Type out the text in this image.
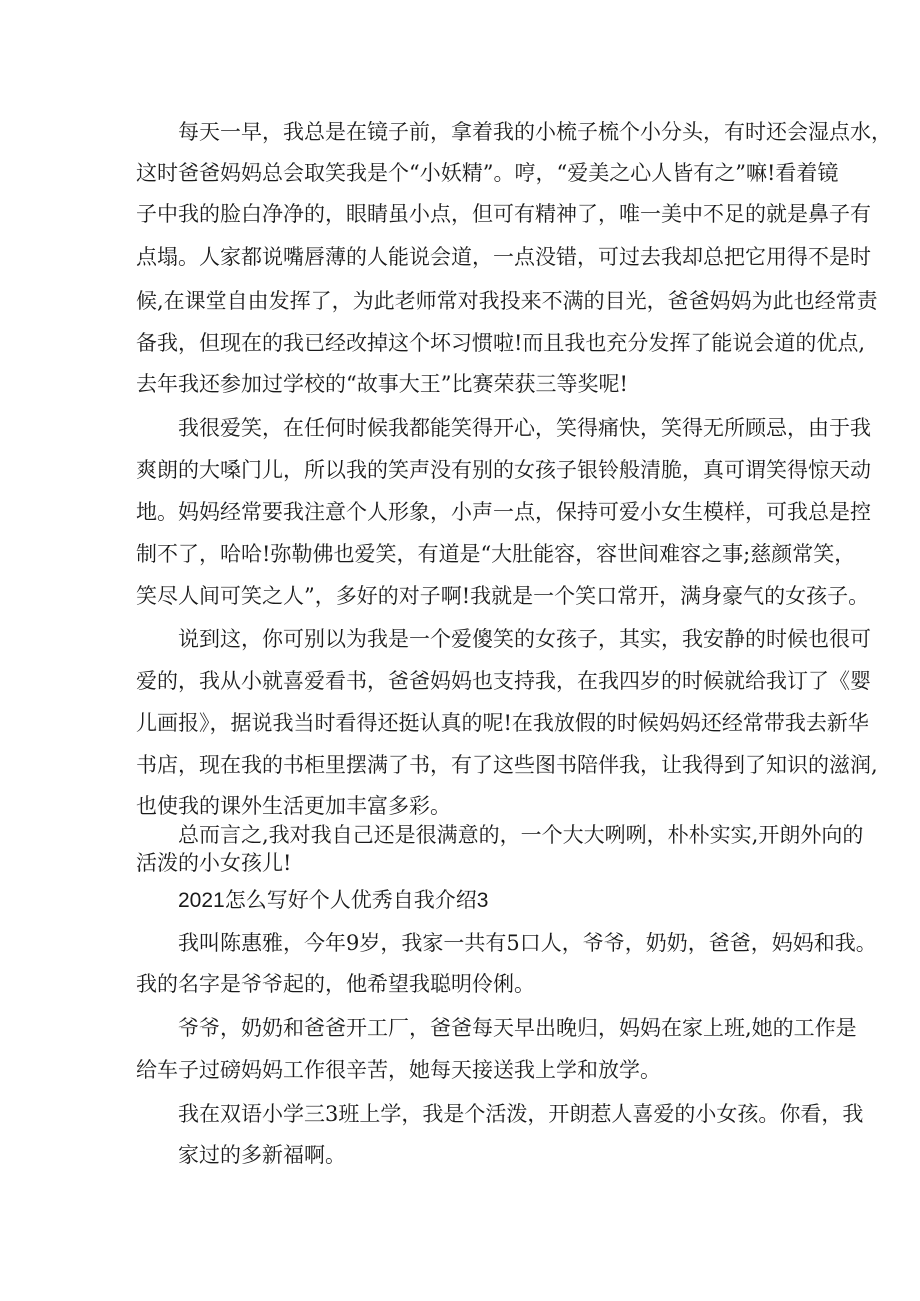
每天一早，我总是在镜子前，拿着我的小梳子梳个小分头，有时还会湿点水，

这时爸爸妈妈总会取笑我是个“小妖精”。哼，“爱美之心人皆有之”嘛!看着镜

子中我的脸白净净的，眼睛虽小点，但可有精神了，唯一美中不足的就是鼻子有

点塌。人家都说嘴唇薄的人能说会道，一点没错，可过去我却总把它用得不是时

候,在课堂自由发挥了，为此老师常对我投来不满的目光，爸爸妈妈为此也经常责

备我，但现在的我已经改掉这个坏习惯啦!而且我也充分发挥了能说会道的优点,

去年我还参加过学校的“故事大王”比赛荣获三等奖呢!

我很爱笑，在任何时候我都能笑得开心，笑得痛快，笑得无所顾忌，由于我

爽朗的大嗓门儿，所以我的笑声没有别的女孩子银铃般清脆，真可谓笑得惊天动

地。妈妈经常要我注意个人形象，小声一点，保持可爱小女生模样，可我总是控

制不了，哈哈!弥勒佛也爱笑，有道是“大肚能容，容世间难容之事;慈颜常笑，

笑尽人间可笑之人”，多好的对子啊!我就是一个笑口常开，满身豪气的女孩子。

说到这，你可别以为我是一个爱傻笑的女孩子，其实，我安静的时候也很可

爱的，我从小就喜爱看书，爸爸妈妈也支持我，在我四岁的时候就给我订了《婴

儿画报》，据说我当时看得还挺认真的呢!在我放假的时候妈妈还经常带我去新华

书店，现在我的书柜里摆满了书，有了这些图书陪伴我，让我得到了知识的滋润,

也使我的课外生活更加丰富多彩。

总而言之,我对我自己还是很满意的，一个大大咧咧，朴朴实实,开朗外向的

活泼的小女孩儿!

2021怎么写好个人优秀自我介绍3

我叫陈惠雅，今年9岁，我家一共有5口人，爷爷，奶奶，爸爸，妈妈和我。

我的名字是爷爷起的，他希望我聪明伶俐。

爷爷，奶奶和爸爸开工厂，爸爸每天早出晚归，妈妈在家上班,她的工作是

给车子过磅妈妈工作很辛苦，她每天接送我上学和放学。

我在双语小学三3班上学，我是个活泼，开朗惹人喜爱的小女孩。你看，我

家过的多新福啊。
